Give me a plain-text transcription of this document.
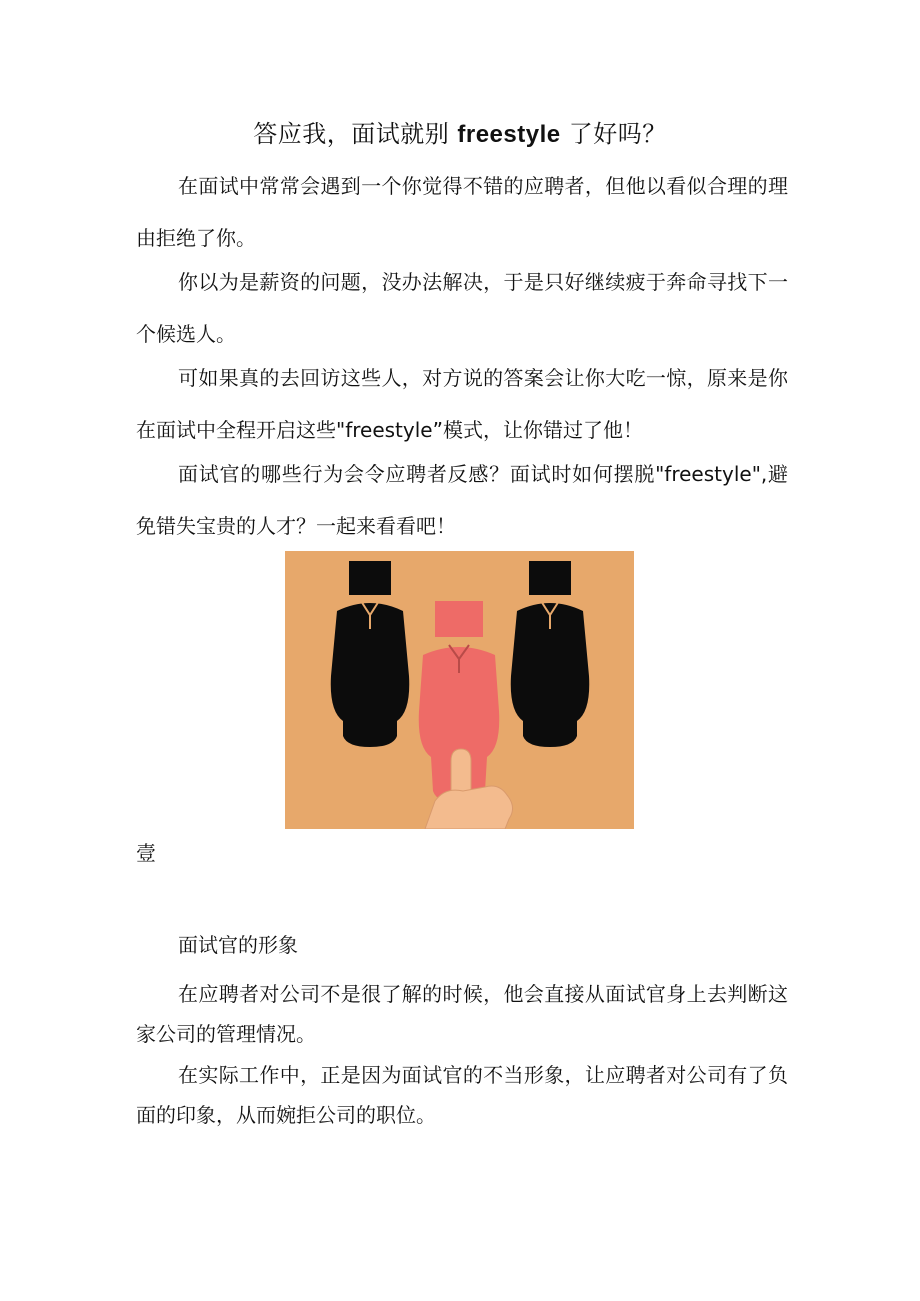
答应我，面试就别 freestyle 了好吗？

在面试中常常会遇到一个你觉得不错的应聘者，但他以看似合理的理由拒绝了你。

你以为是薪资的问题，没办法解决，于是只好继续疲于奔命寻找下一个候选人。

可如果真的去回访这些人，对方说的答案会让你大吃一惊，原来是你在面试中全程开启这些"freestyle”模式，让你错过了他！

面试官的哪些行为会令应聘者反感？面试时如何摆脱"freestyle",避免错失宝贵的人才？一起来看看吧！

壹
面试官的形象

在应聘者对公司不是很了解的时候，他会直接从面试官身上去判断这家公司的管理情况。

在实际工作中，正是因为面试官的不当形象，让应聘者对公司有了负面的印象，从而婉拒公司的职位。
